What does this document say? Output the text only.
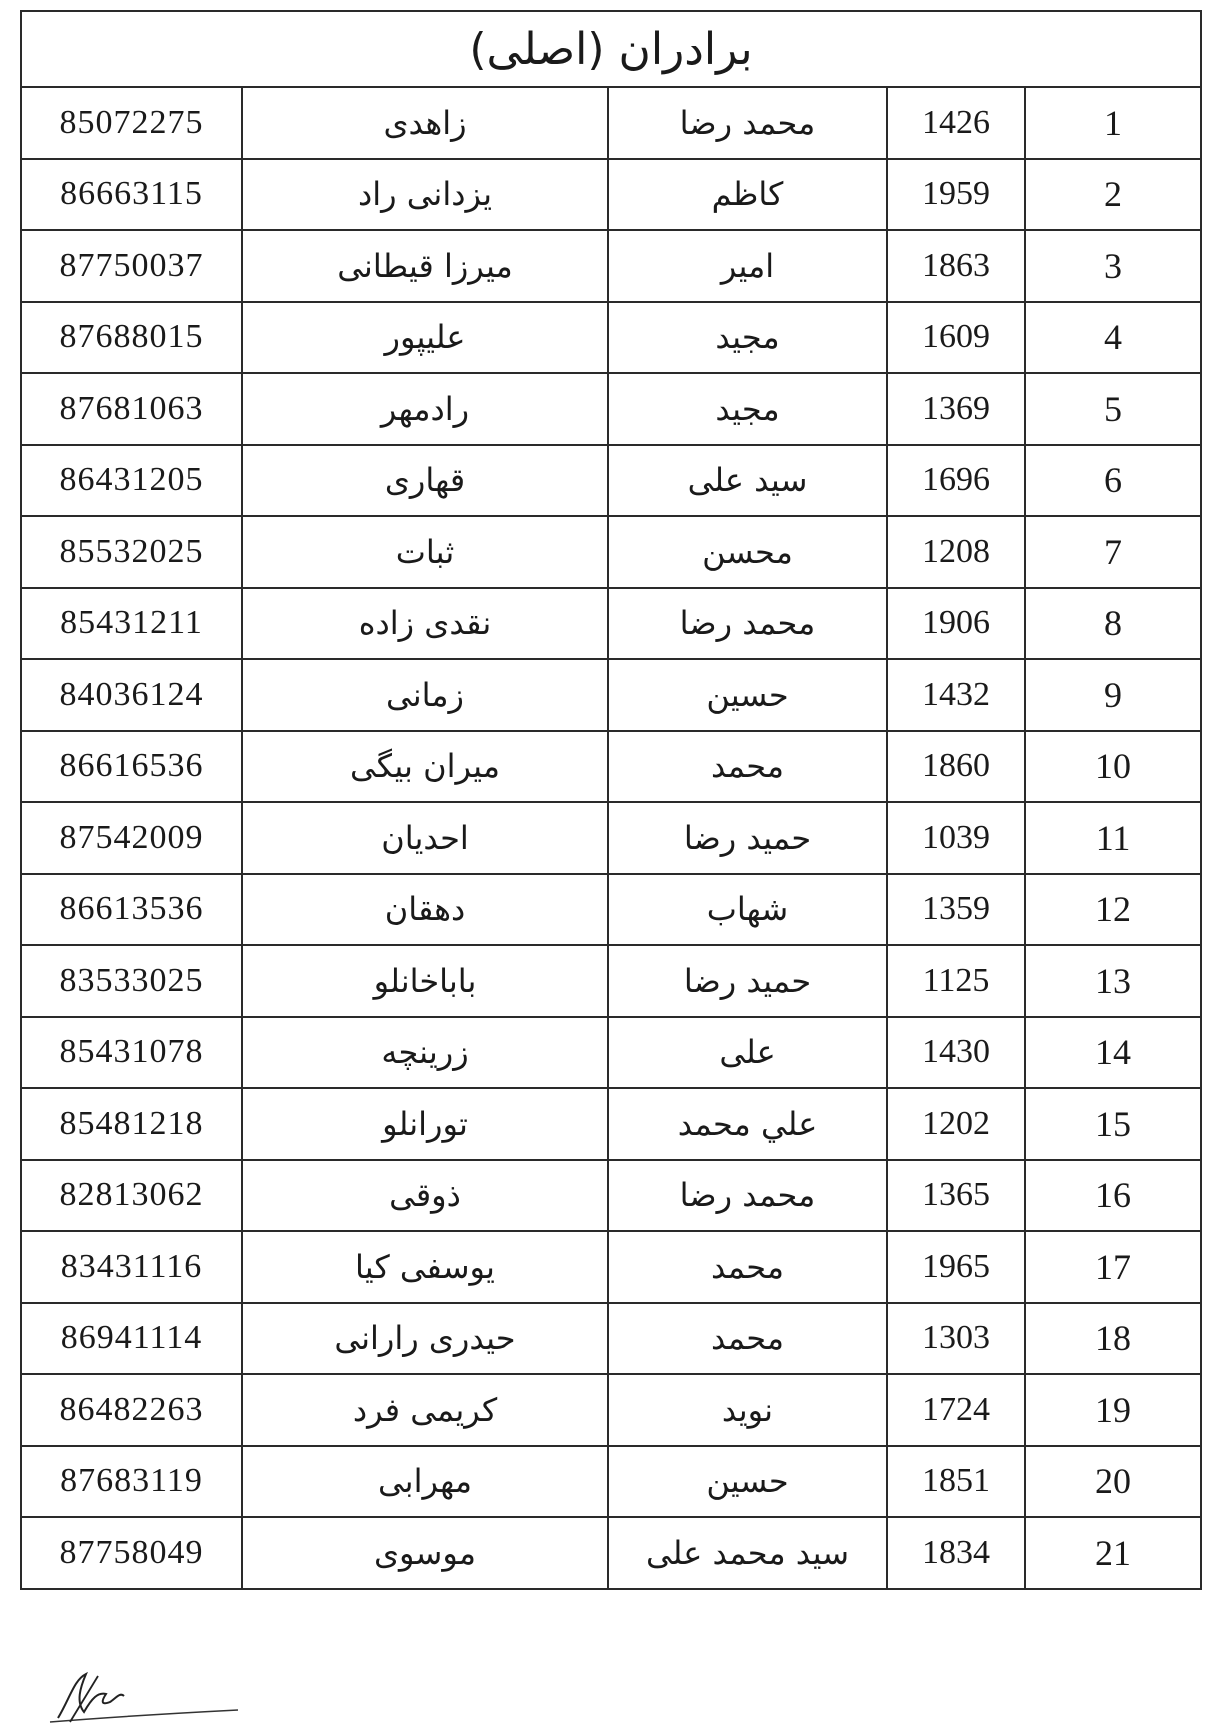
برادران (اصلی)				
85072275	زاهدی	محمد رضا	1426	1
86663115	یزدانی راد	کاظم	1959	2
87750037	میرزا قیطانی	امیر	1863	3
87688015	علیپور	مجید	1609	4
87681063	رادمهر	مجید	1369	5
86431205	قهاری	سید علی	1696	6
85532025	ثبات	محسن	1208	7
85431211	نقدی زاده	محمد رضا	1906	8
84036124	زمانی	حسین	1432	9
86616536	میران بیگی	محمد	1860	10
87542009	احدیان	حمید رضا	1039	11
86613536	دهقان	شهاب	1359	12
83533025	باباخانلو	حمید رضا	1125	13
85431078	زرینچه	علی	1430	14
85481218	تورانلو	علي محمد	1202	15
82813062	ذوقی	محمد رضا	1365	16
83431116	یوسفی کیا	محمد	1965	17
86941114	حیدری رارانی	محمد	1303	18
86482263	کریمی فرد	نوید	1724	19
87683119	مهرابی	حسین	1851	20
87758049	موسوی	سید محمد علی	1834	21
